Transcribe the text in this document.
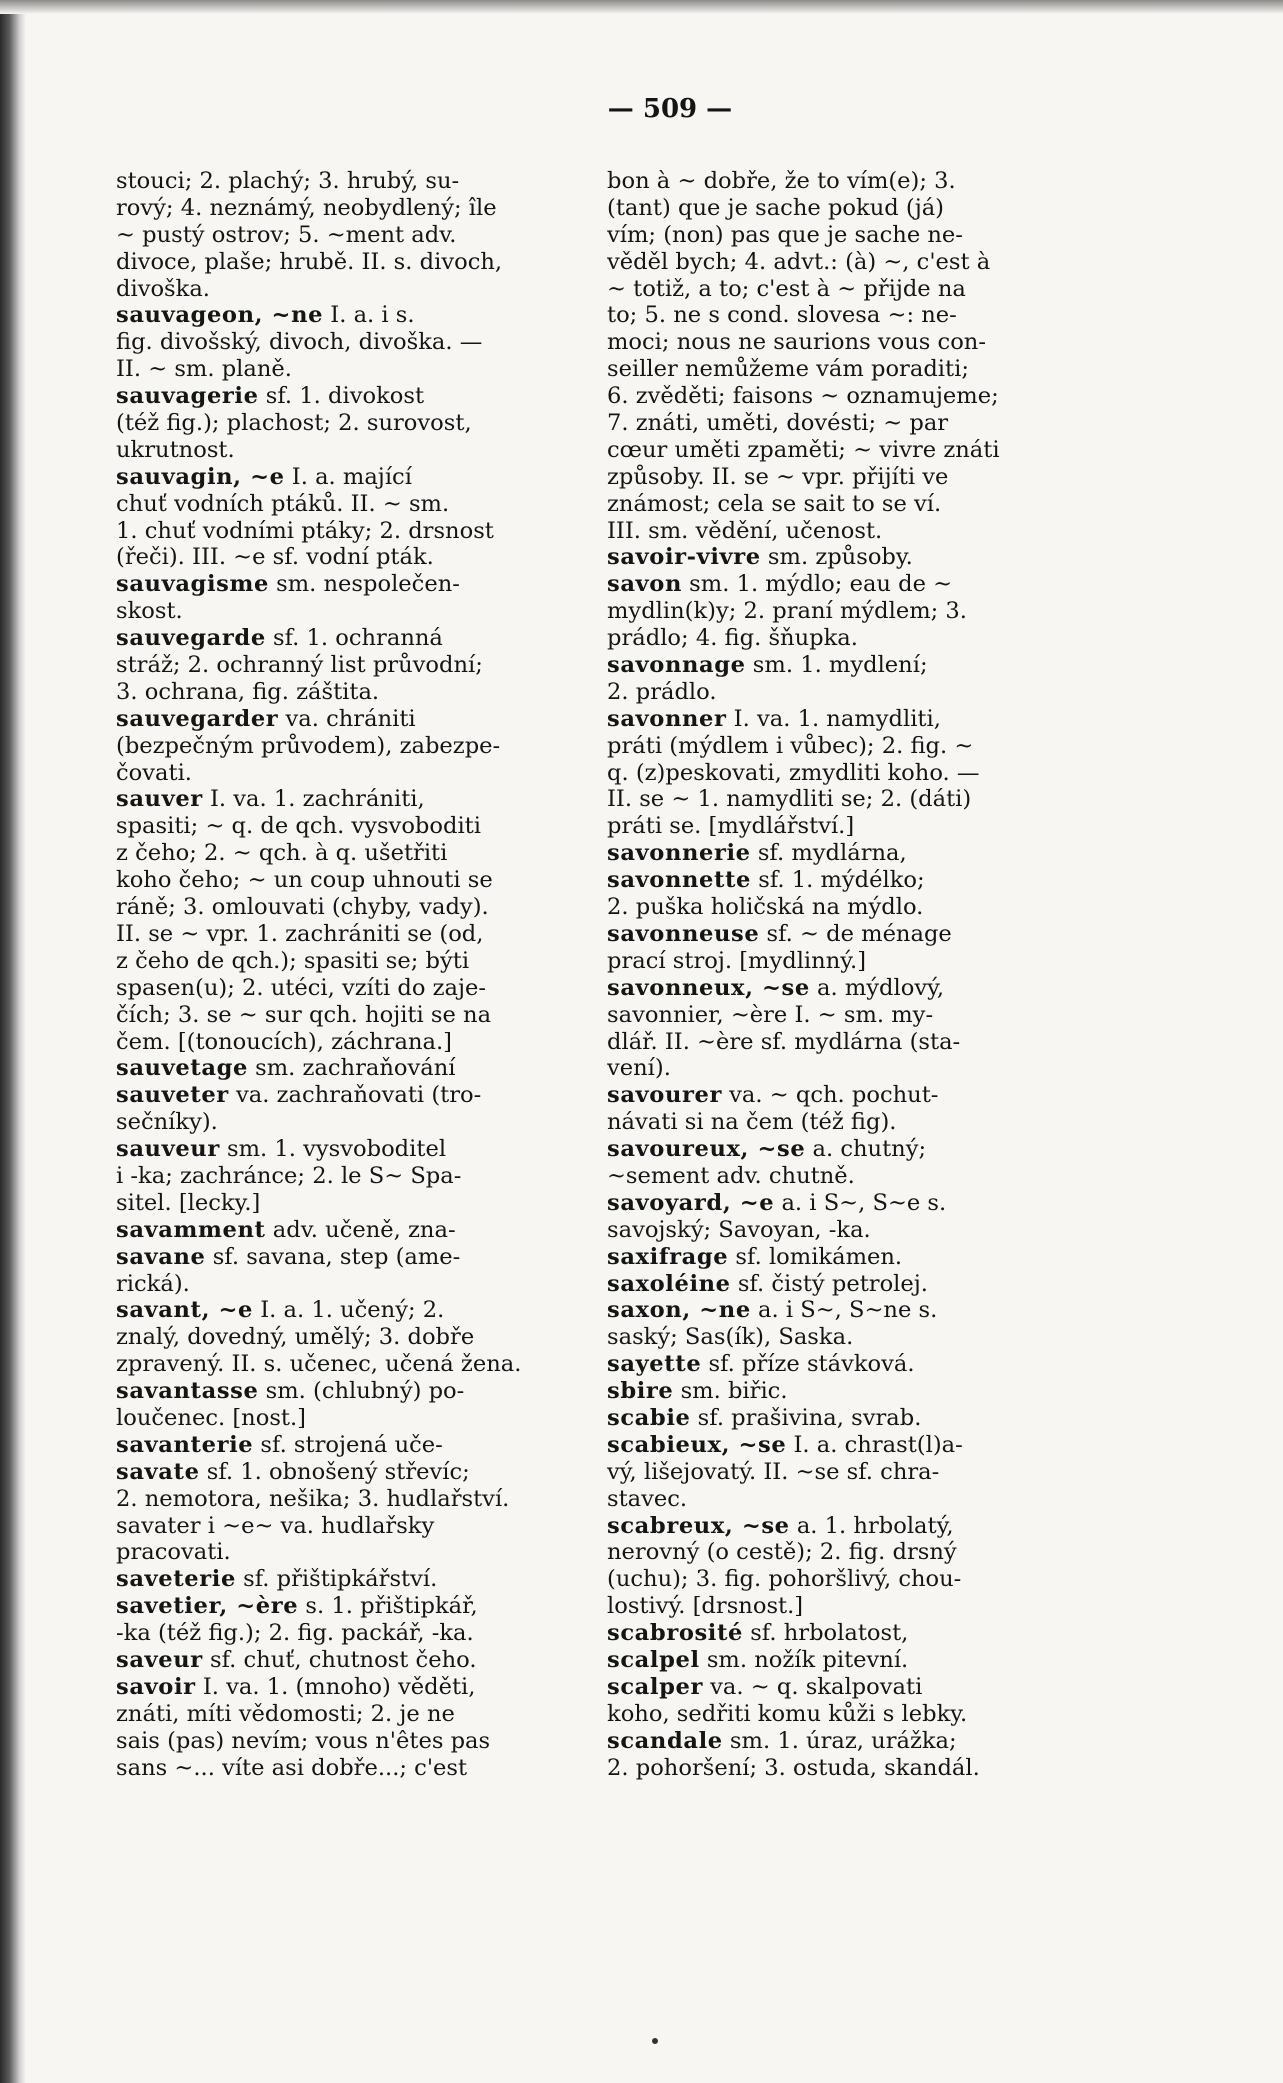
— 509 —
stouci; 2. plachý; 3. hrubý, su-
rový; 4. neznámý, neobydlený; île
~ pustý ostrov; 5. ~ment adv.
divoce, plaše; hrubě. II. s. divoch,
divoška.
sauvageon, ~ne I. a. i s.
fig. divošský, divoch, divoška. —
II. ~ sm. planě.
sauvagerie sf. 1. divokost
(též fig.); plachost; 2. surovost,
ukrutnost.
sauvagin, ~e I. a. mající
chuť vodních ptáků. II. ~ sm.
1. chuť vodními ptáky; 2. drsnost
(řeči). III. ~e sf. vodní pták.
sauvagisme sm. nespolečen-
skost.
sauvegarde sf. 1. ochranná
stráž; 2. ochranný list průvodní;
3. ochrana, fig. záštita.
sauvegarder va. chrániti
(bezpečným průvodem), zabezpe-
čovati.
sauver I. va. 1. zachrániti,
spasiti; ~ q. de qch. vysvoboditi
z čeho; 2. ~ qch. à q. ušetřiti
koho čeho; ~ un coup uhnouti se
ráně; 3. omlouvati (chyby, vady).
II. se ~ vpr. 1. zachrániti se (od,
z čeho de qch.); spasiti se; býti
spasen(u); 2. utéci, vzíti do zaje-
čích; 3. se ~ sur qch. hojiti se na
čem. [(tonoucích), záchrana.]
sauvetage sm. zachraňování
sauveter va. zachraňovati (tro-
sečníky).
sauveur sm. 1. vysvoboditel
i -ka; zachránce; 2. le S~ Spa-
sitel. [lecky.]
savamment adv. učeně, zna-
savane sf. savana, step (ame-
rická).
savant, ~e I. a. 1. učený; 2.
znalý, dovedný, umělý; 3. dobře
zpravený. II. s. učenec, učená žena.
savantasse sm. (chlubný) po-
loučenec. [nost.]
savanterie sf. strojená uče-
savate sf. 1. obnošený střevíc;
2. nemotora, nešika; 3. hudlařství.
savater i ~e~ va. hudlařsky
pracovati.
saveterie sf. přištipkářství.
savetier, ~ère s. 1. přištipkář,
-ka (též fig.); 2. fig. packář, -ka.
saveur sf. chuť, chutnost čeho.
savoir I. va. 1. (mnoho) věděti,
znáti, míti vědomosti; 2. je ne
sais (pas) nevím; vous n'êtes pas
sans ~... víte asi dobře...; c'est
bon à ~ dobře, že to vím(e); 3.
(tant) que je sache pokud (já)
vím; (non) pas que je sache ne-
věděl bych; 4. advt.: (à) ~, c'est à
~ totiž, a to; c'est à ~ přijde na
to; 5. ne s cond. slovesa ~: ne-
moci; nous ne saurions vous con-
seiller nemůžeme vám poraditi;
6. zvěděti; faisons ~ oznamujeme;
7. znáti, uměti, dovésti; ~ par
cœur uměti zpaměti; ~ vivre znáti
způsoby. II. se ~ vpr. přijíti ve
známost; cela se sait to se ví.
III. sm. vědění, učenost.
savoir-vivre sm. způsoby.
savon sm. 1. mýdlo; eau de ~
mydlin(k)y; 2. praní mýdlem; 3.
prádlo; 4. fig. šňupka.
savonnage sm. 1. mydlení;
2. prádlo.
savonner I. va. 1. namydliti,
práti (mýdlem i vůbec); 2. fig. ~
q. (z)peskovati, zmydliti koho. —
II. se ~ 1. namydliti se; 2. (dáti)
práti se. [mydlářství.]
savonnerie sf. mydlárna,
savonnette sf. 1. mýdélko;
2. puška holičská na mýdlo.
savonneuse sf. ~ de ménage
prací stroj. [mydlinný.]
savonneux, ~se a. mýdlový,
savonnier, ~ère I. ~ sm. my-
dlář. II. ~ère sf. mydlárna (sta-
vení).
savourer va. ~ qch. pochut-
návati si na čem (též fig).
savoureux, ~se a. chutný;
~sement adv. chutně.
savoyard, ~e a. i S~, S~e s.
savojský; Savoyan, -ka.
saxifrage sf. lomikámen.
saxoléine sf. čistý petrolej.
saxon, ~ne a. i S~, S~ne s.
saský; Sas(ík), Saska.
sayette sf. příze stávková.
sbire sm. biřic.
scabie sf. prašivina, svrab.
scabieux, ~se I. a. chrast(l)a-
vý, lišejovatý. II. ~se sf. chra-
stavec.
scabreux, ~se a. 1. hrbolatý,
nerovný (o cestě); 2. fig. drsný
(uchu); 3. fig. pohoršlivý, chou-
lostivý. [drsnost.]
scabrosité sf. hrbolatost,
scalpel sm. nožík pitevní.
scalper va. ~ q. skalpovati
koho, sedřiti komu kůži s lebky.
scandale sm. 1. úraz, urážka;
2. pohoršení; 3. ostuda, skandál.
